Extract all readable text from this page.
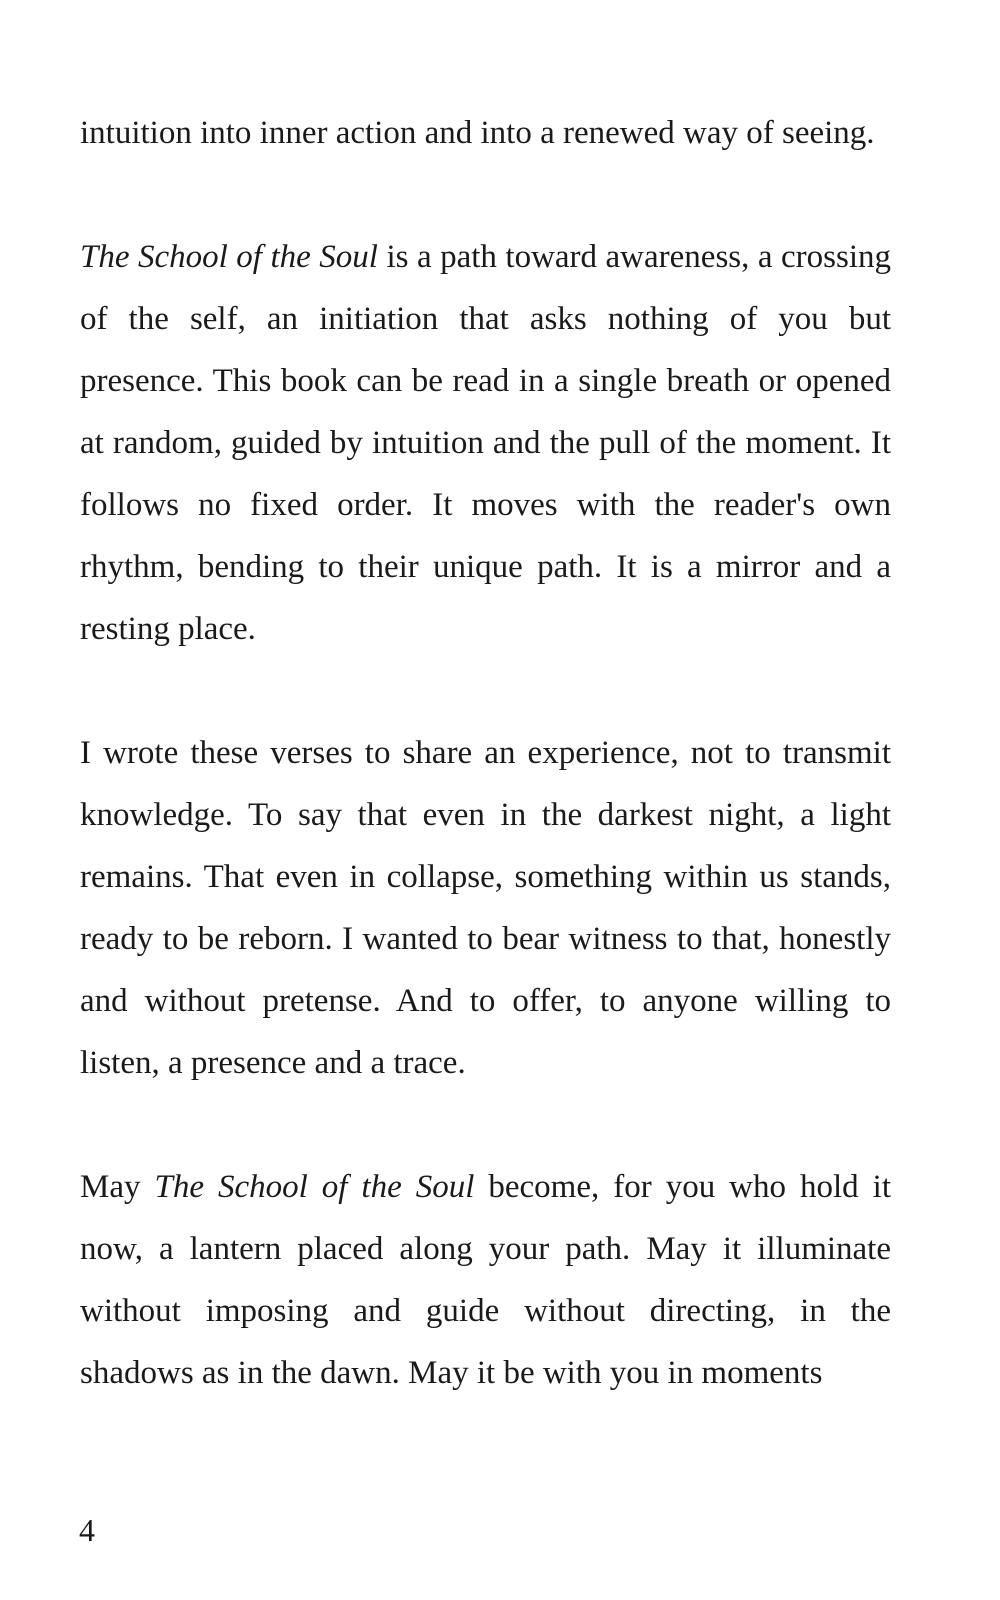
intuition into inner action and into a renewed way of seeing.

The School of the Soul is a path toward awareness, a crossing of the self, an initiation that asks nothing of you but presence. This book can be read in a single breath or opened at random, guided by intuition and the pull of the moment. It follows no fixed order. It moves with the reader's own rhythm, bending to their unique path. It is a mirror and a resting place.

I wrote these verses to share an experience, not to transmit knowledge. To say that even in the darkest night, a light remains. That even in collapse, something within us stands, ready to be reborn. I wanted to bear witness to that, honestly and without pretense. And to offer, to anyone willing to listen, a presence and a trace.

May The School of the Soul become, for you who hold it now, a lantern placed along your path. May it illuminate without imposing and guide without directing, in the shadows as in the dawn. May it be with you in moments

4
